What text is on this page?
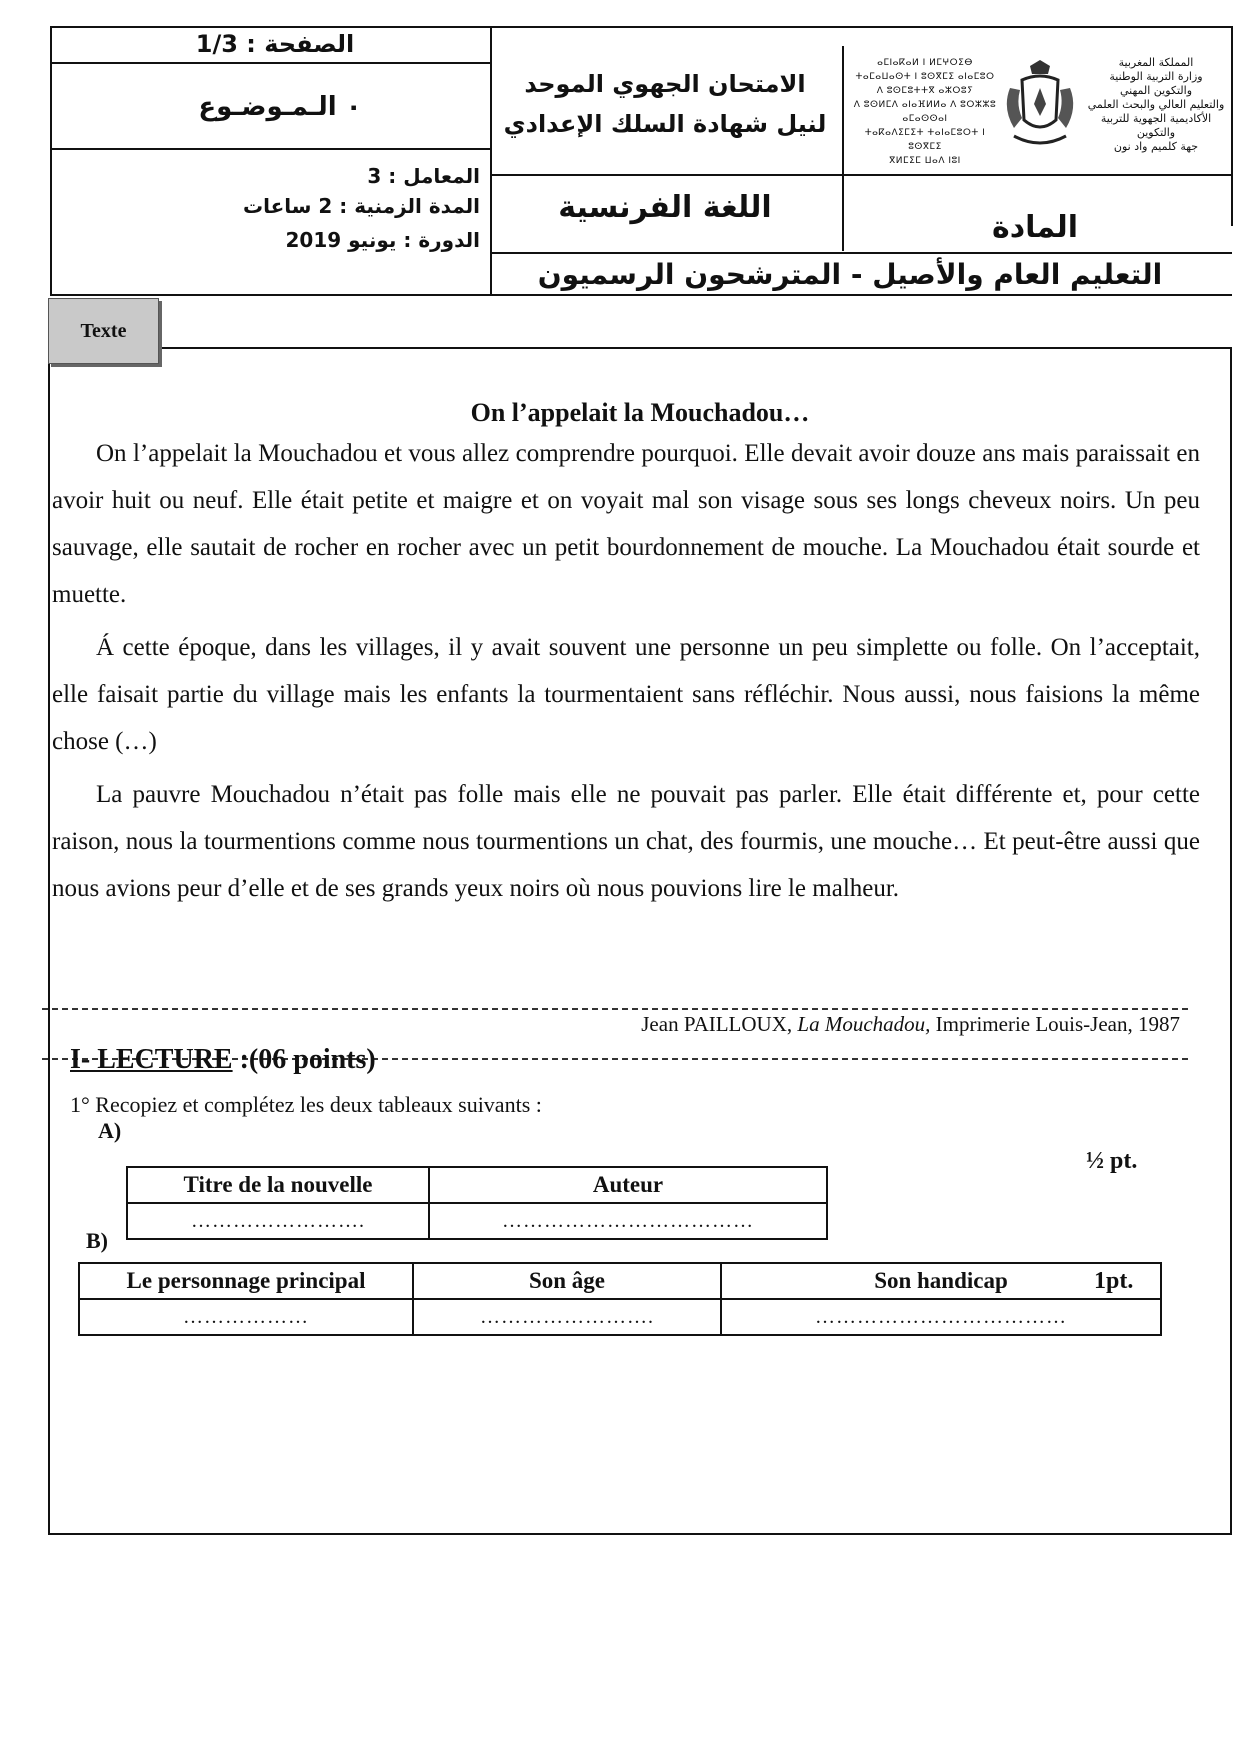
الصفحة : 1/3
٠ الـمـوضـوع
الامتحان الجهوي الموحد
لنيل شهادة السلك الإعدادي
ⴰⵎⵏⴰⴽⴰⵍ ⵏ ⵍⵎⵖⵔⵉⴱ
ⵜⴰⵎⴰⵡⴰⵙⵜ ⵏ ⵓⵙⴳⵎⵉ ⴰⵏⴰⵎⵓⵔ
ⴷ ⵓⵙⵎⵓⵜⵜⴳ ⴰⵣⵔⵓⵢ
ⴷ ⵓⵙⵍⵎⴷ ⴰⵏⴰⴼⵍⵍⴰ ⴷ ⵓⵔⵣⵣⵓ ⴰⵎⴰⵙⵙⴰⵏ
ⵜⴰⴽⴰⴷⵉⵎⵉⵜ ⵜⴰⵏⴰⵎⵓⵔⵜ ⵏ ⵓⵙⴳⵎⵉ
ⴳⵍⵎⵉⵎ ⵡⴰⴷ ⵏⵓⵏ
المملكة المغربية
وزارة التربية الوطنية
والتكوين المهني
والتعليم العالي والبحث العلمي
الأكاديمية الجهوية للتربية والتكوين
جهة كلميم واد نون
المعامل : 3
المدة الزمنية : 2 ساعات
الدورة : يونيو 2019
اللغة الفرنسية
المادة
التعليم العام والأصيل - المترشحون الرسميون
Texte
On l’appelait la Mouchadou…

On l’appelait la Mouchadou et vous allez comprendre pourquoi. Elle devait avoir douze ans mais paraissait en avoir huit ou neuf. Elle était petite et maigre et on voyait mal son visage sous ses longs cheveux noirs. Un peu sauvage, elle sautait de rocher en rocher avec un petit bourdonnement de mouche. La Mouchadou était sourde et muette.

Á cette époque, dans les villages, il y avait souvent une personne un peu simplette ou folle. On l’acceptait, elle faisait partie du village mais les enfants la tourmentaient sans réfléchir. Nous aussi, nous faisions la même chose (…)

La pauvre Mouchadou n’était pas folle mais elle ne pouvait pas parler. Elle était différente et, pour cette raison, nous la tourmentions comme nous tourmentions un chat, des fourmis, une mouche… Et peut-être aussi que nous avions peur d’elle et de ses grands yeux noirs où nous pouvions lire le malheur.

Jean PAILLOUX, La Mouchadou, Imprimerie Louis-Jean, 1987
I- LECTURE :(06 points)
1° Recopiez et complétez les deux tableaux suivants :
A)
½ pt.
Titre de la nouvelle	Auteur
…………………….	………………………………
B)
1pt.
Le personnage principal	Son âge	Son handicap
………………	…………………….	………………………………
